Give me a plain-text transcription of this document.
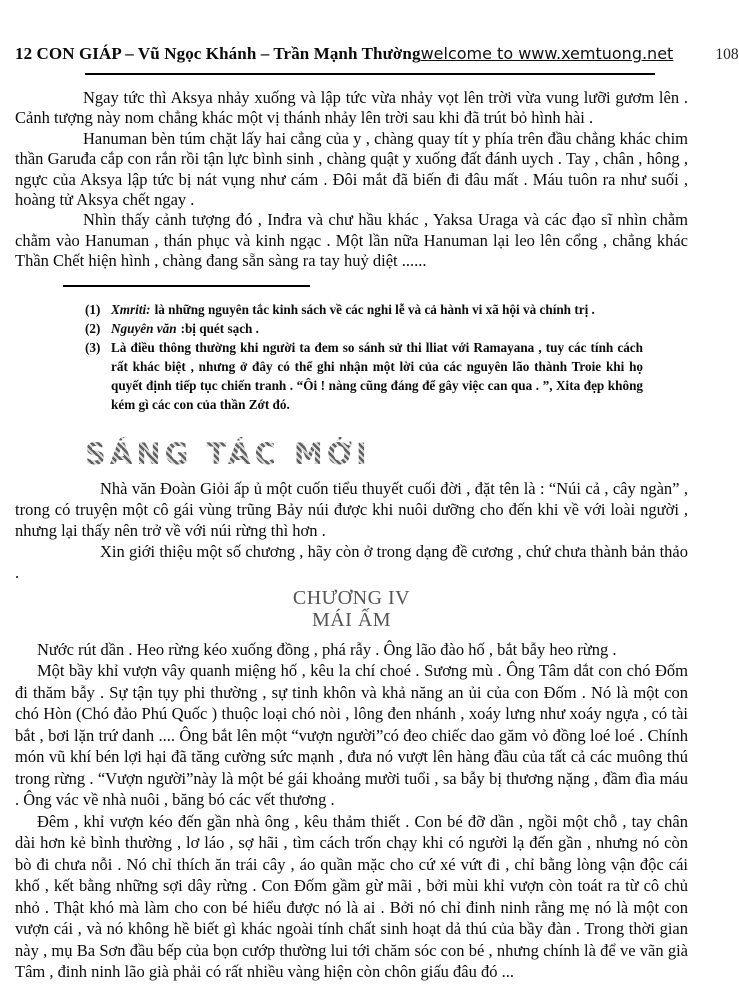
12 CON GIÁP – Vũ Ngọc Khánh – Trần Mạnh Thường welcome to www.xemtuong.net	108

Ngay tức thì Aksya nhảy xuống và lập tức vừa nhảy vọt lên trời vừa vung lưỡi gươm lên . Cảnh tượng này nom chẳng khác một vị thánh nhảy lên trời sau khi đã trút bỏ hình hài .

Hanuman bèn túm chặt lấy hai cẳng của y , chàng quay tít y phía trên đầu chẳng khác chim thần Garuđa cắp con rắn rồi tận lực bình sinh , chàng quật y xuống đất đánh uych . Tay , chân , hông , ngực của Aksya lập tức bị nát vụng như cám . Đôi mắt đã biến đi đâu mất . Máu tuôn ra như suối , hoàng tử Aksya chết ngay .

Nhìn thấy cảnh tượng đó , Inđra và chư hầu khác , Yaksa Uraga và các đạo sĩ nhìn chằm chằm vào Hanuman , thán phục và kinh ngạc . Một lần nữa Hanuman lại leo lên cổng , chẳng khác Thần Chết hiện hình , chàng đang sẵn sàng ra tay huỷ diệt ......

(1) Xmriti: là những nguyên tắc kinh sách về các nghi lễ và cả hành vi xã hội và chính trị .
(2) Nguyên văn :bị quét sạch .
(3) Là điều thông thường khi người ta đem so sánh sử thi lliat với Ramayana , tuy các tính cách rất khác biệt , nhưng ở đây có thể ghi nhận một lời của các nguyên lão thành Troie khi họ quyết định tiếp tục chiến tranh . “Ôi ! nàng cũng đáng để gây việc can qua . ”, Xita đẹp không kém gì các con của thần Zớt đó.
SÁNG TÁC MỚI

Nhà văn Đoàn Giỏi ấp ủ một cuốn tiểu thuyết cuối đời , đặt tên là : “Núi cả , cây ngàn” , trong có truyện một cô gái vùng trũng Bảy núi được khi nuôi dưỡng cho đến khi về với loài người , nhưng lại thấy nên trở về với núi rừng thì hơn .

Xin giới thiệu một số chương , hãy còn ở trong dạng đề cương , chứ chưa thành bản thảo .

CHƯƠNG IV
MÁI ẤM

Nước rút dần . Heo rừng kéo xuống đồng , phá rẫy . Ông lão đào hố , bắt bẫy heo rừng .

Một bầy khỉ vượn vây quanh miệng hố , kêu la chí choé . Sương mù . Ông Tâm dắt con chó Đốm đi thăm bẫy . Sự tận tụy phi thường , sự tinh khôn và khả năng an ủi của con Đốm . Nó là một con chó Hòn (Chó đảo Phú Quốc ) thuộc loại chó nòi , lông đen nhánh , xoáy lưng như xoáy ngựa , có tài bắt , bơi lặn trứ danh .... Ông bắt lên một “vượn người”có đeo chiếc dao găm vỏ đồng loé loé . Chính món vũ khí bén lợi hại đã tăng cường sức mạnh , đưa nó vượt lên hàng đầu của tất cả các muông thú trong rừng . “Vượn người”này là một bé gái khoảng mười tuổi , sa bẫy bị thương nặng , đầm đìa máu . Ông vác về nhà nuôi , băng bó các vết thương .

Đêm , khỉ vượn kéo đến gần nhà ông , kêu thảm thiết . Con bé đỡ dần , ngồi một chỗ , tay chân dài hơn kẻ bình thường , lơ láo , sợ hãi , tìm cách trốn chạy khi có người lạ đến gần , nhưng nó còn bò đi chưa nỗi . Nó chỉ thích ăn trái cây , áo quần mặc cho cứ xé vứt đi , chỉ bằng lòng vận độc cái khố , kết bằng những sợi dây rừng . Con Đốm gầm gừ mãi , bởi mùi khỉ vượn còn toát ra từ cô chủ nhỏ . Thật khó mà làm cho con bé hiểu được nó là ai . Bởi nó chỉ đinh ninh rằng mẹ nó là một con vượn cái , và nó không hề biết gì khác ngoài tính chất sinh hoạt dả thú của bầy đàn . Trong thời gian này , mụ Ba Sơn đầu bếp của bọn cướp thường lui tới chăm sóc con bé , nhưng chính là để ve vãn già Tâm , đinh ninh lão già phải có rất nhiều vàng hiện còn chôn giấu đâu đó ...
